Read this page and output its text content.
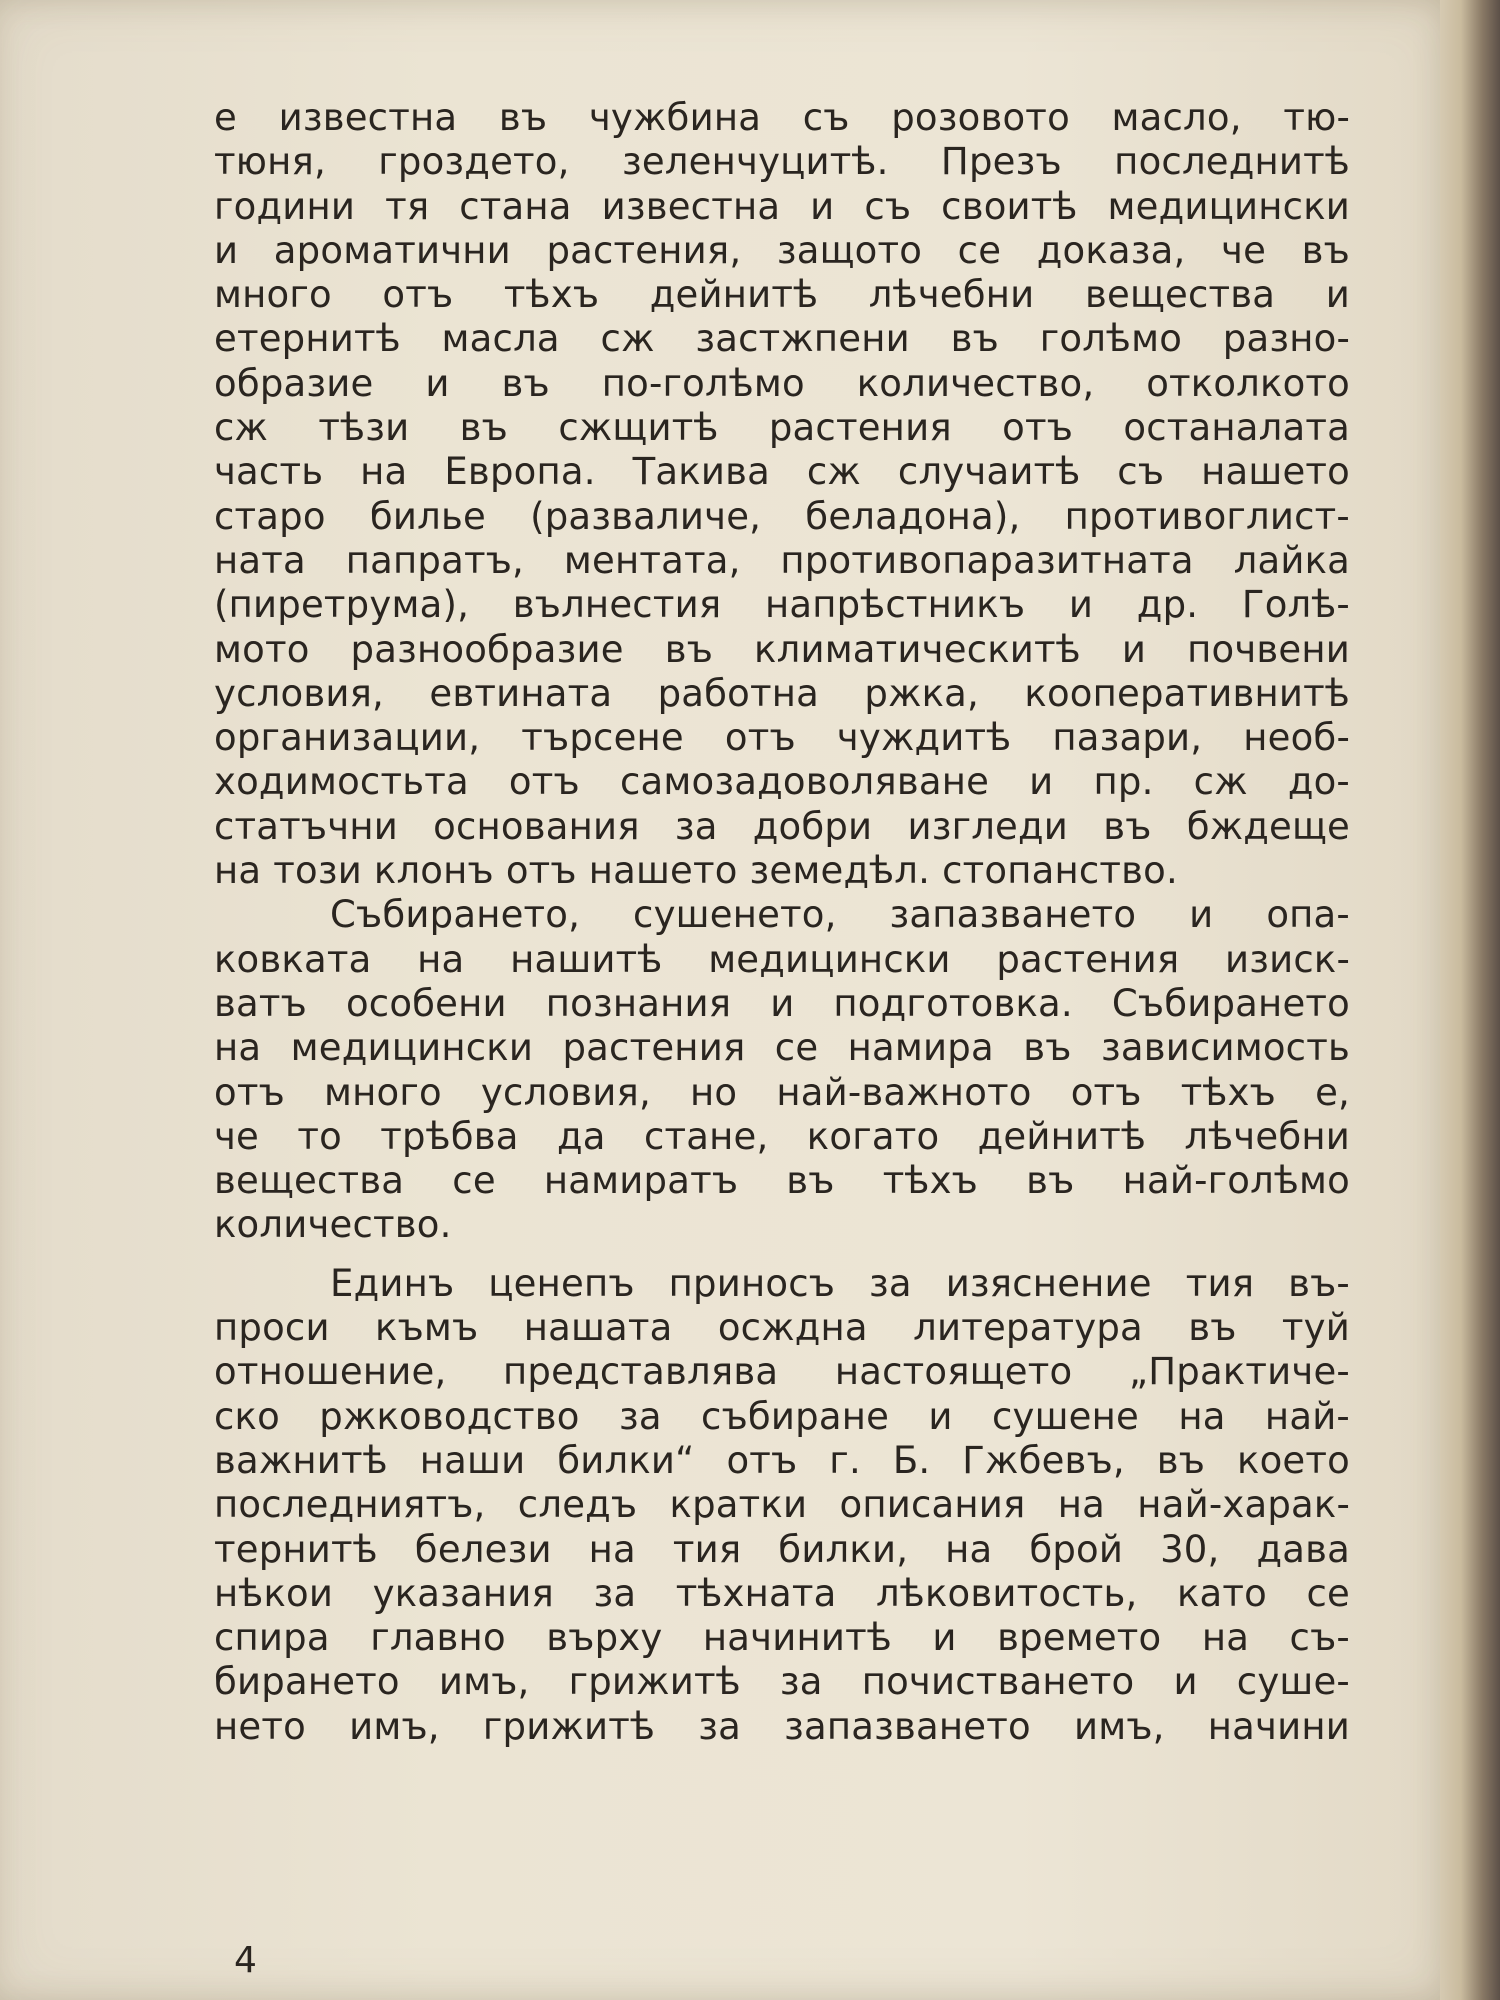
е известна въ чужбина съ розовото масло, тю-
тюня, гроздето, зеленчуцитѣ. Презъ последнитѣ
години тя стана известна и съ своитѣ медицински
и ароматични растения, защото се доказа, че въ
много отъ тѣхъ дейнитѣ лѣчебни вещества и
етернитѣ масла сж застжпени въ голѣмо разно-
образие и въ по-голѣмо количество, отколкото
сж тѣзи въ сжщитѣ растения отъ останалата
часть на Европа. Такива сж случаитѣ съ нашето
старо билье (разваличе, беладона), противоглист-
ната папратъ, ментата, противопаразитната лайка
(пиретрума), вълнестия напрѣстникъ и др. Голѣ-
мото разнообразие въ климатическитѣ и почвени
условия, евтината работна ржка, кооперативнитѣ
организации, търсене отъ чуждитѣ пазари, необ-
ходимостьта отъ самозадоволяване и пр. сж до-
статъчни основания за добри изгледи въ бждеще
на този клонъ отъ нашето земедѣл. стопанство.
Събирането, сушенето, запазването и опа-
ковката на нашитѣ медицински растения изиск-
ватъ особени познания и подготовка. Събирането
на медицински растения се намира въ зависимость
отъ много условия, но най-важното отъ тѣхъ е,
че то трѣбва да стане, когато дейнитѣ лѣчебни
вещества се намиратъ въ тѣхъ въ най-голѣмо
количество.
Единъ ценепъ приносъ за изяснение тия въ-
проси къмъ нашата осждна литература въ туй
отношение, представлява настоящето „Практиче-
ско ржководство за събиране и сушене на най-
важнитѣ наши билки“ отъ г. Б. Гжбевъ, въ което
последниятъ, следъ кратки описания на най-харак-
тернитѣ белези на тия билки, на брой 30, дава
нѣкои указания за тѣхната лѣковитость, като се
спира главно върху начинитѣ и времето на съ-
бирането имъ, грижитѣ за почистването и суше-
нето имъ, грижитѣ за запазването имъ, начини
4
